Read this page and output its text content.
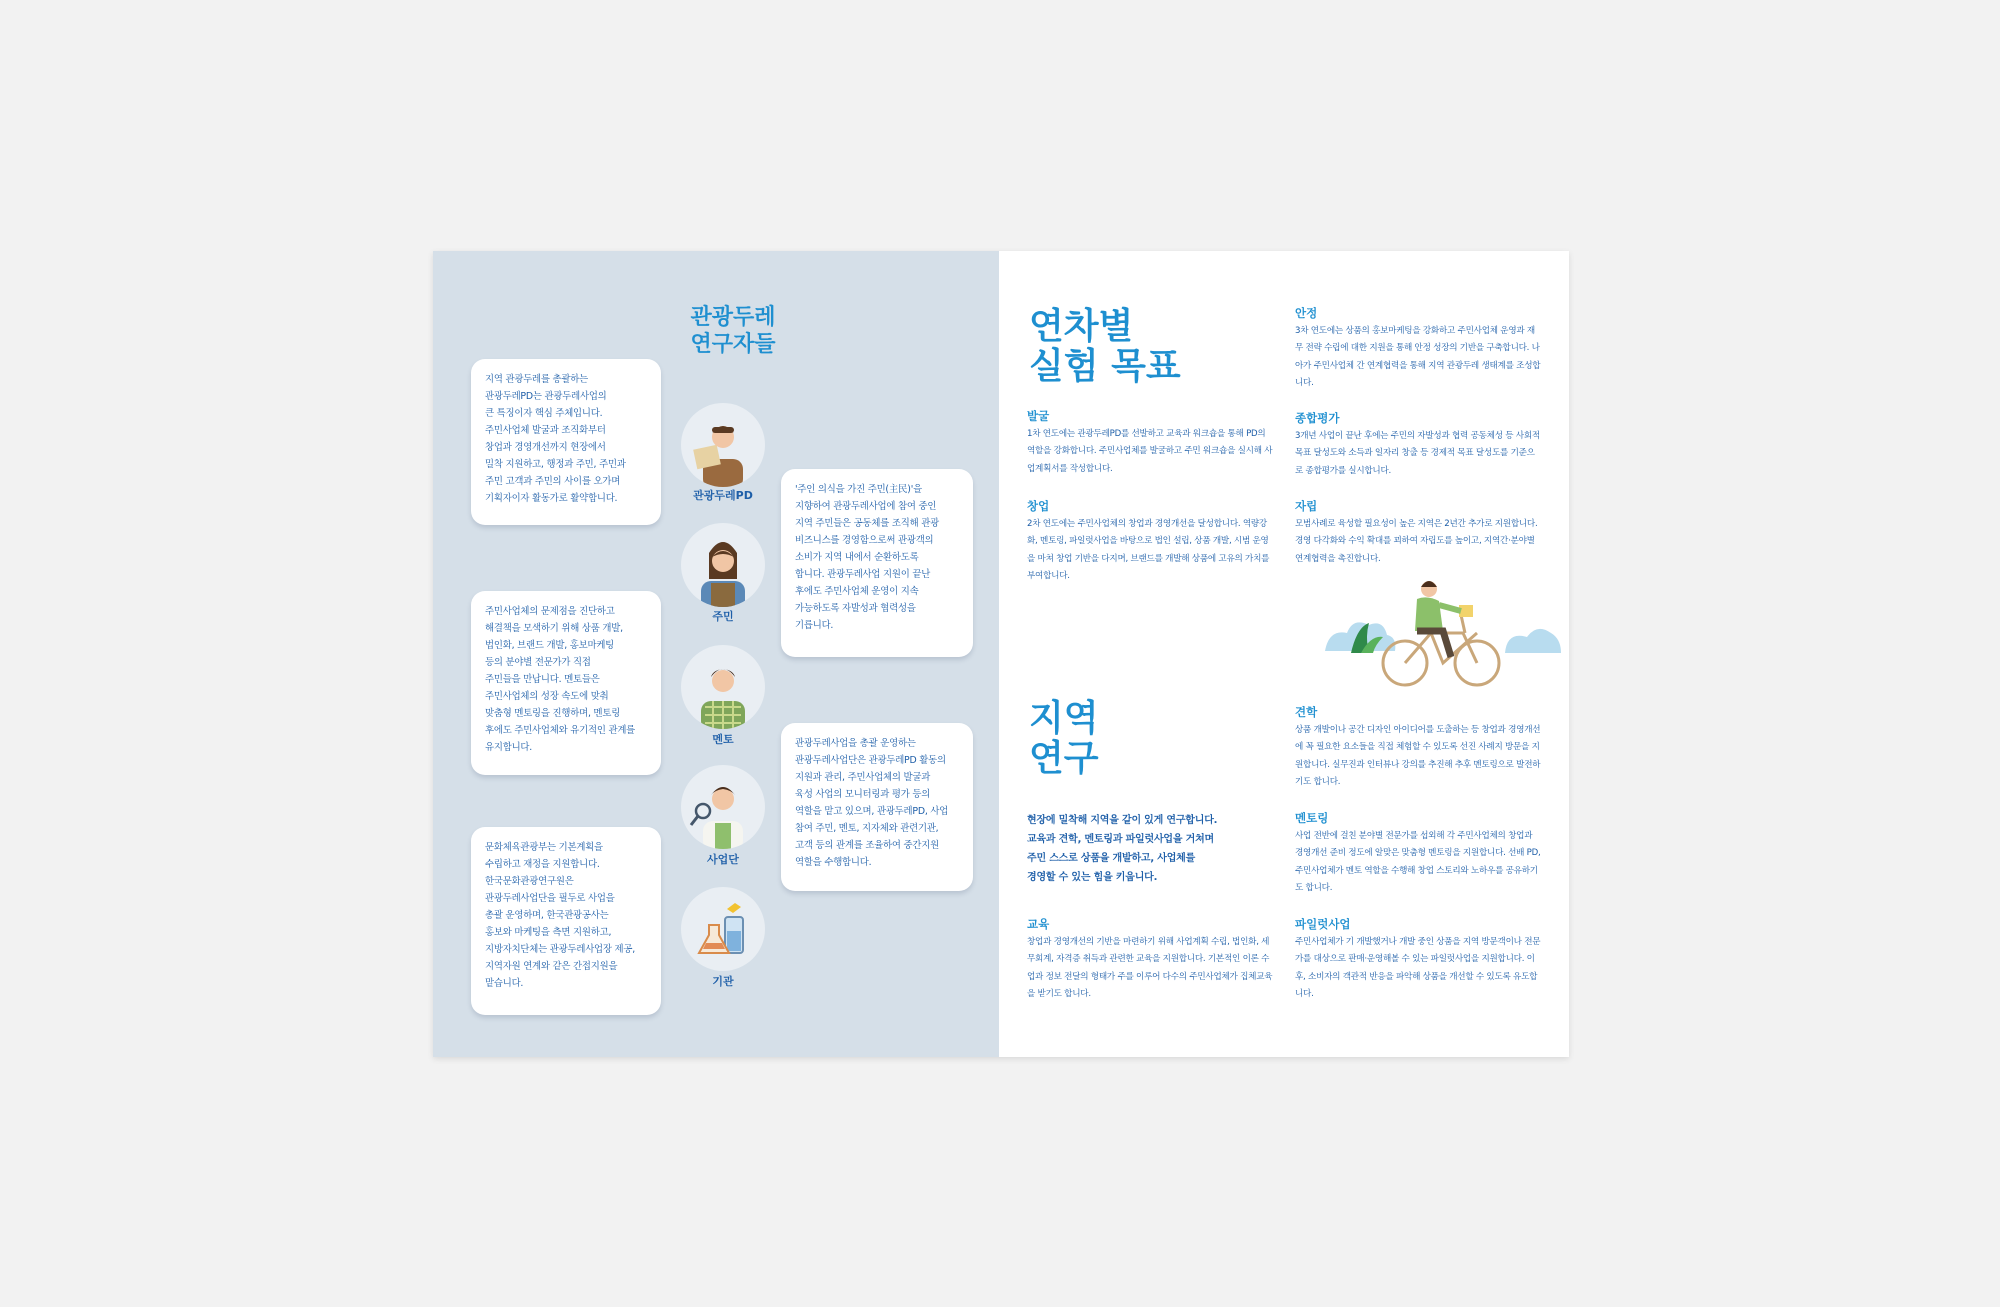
관광두레
연구자들

지역 관광두레를 총괄하는
관광두레PD는 관광두레사업의
큰 특징이자 핵심 주체입니다.
주민사업체 발굴과 조직화부터
창업과 경영개선까지 현장에서
밀착 지원하고, 행정과 주민, 주민과
주민 고객과 주민의 사이를 오가며
기획자이자 활동가로 활약합니다.

주민사업체의 문제점을 진단하고
해결책을 모색하기 위해 상품 개발,
법인화, 브랜드 개발, 홍보마케팅
등의 분야별 전문가가 직접
주민들을 만납니다. 멘토들은
주민사업체의 성장 속도에 맞춰
맞춤형 멘토링을 진행하며, 멘토링
후에도 주민사업체와 유기적인 관계를
유지합니다.

문화체육관광부는 기본계획을
수립하고 재정을 지원합니다.
한국문화관광연구원은
관광두레사업단을 필두로 사업을
총괄 운영하며, 한국관광공사는
홍보와 마케팅을 측면 지원하고,
지방자치단체는 관광두레사업장 제공,
지역자원 연계와 같은 간접지원을
맡습니다.

'주인 의식을 가진 주민(主民)'을
지향하여 관광두레사업에 참여 중인
지역 주민들은 공동체를 조직해 관광
비즈니스를 경영함으로써 관광객의
소비가 지역 내에서 순환하도록
합니다. 관광두레사업 지원이 끝난
후에도 주민사업체 운영이 지속
가능하도록 자발성과 협력성을
기릅니다.

관광두레사업을 총괄 운영하는
관광두레사업단은 관광두레PD 활동의
지원과 관리, 주민사업체의 발굴과
육성 사업의 모니터링과 평가 등의
역할을 맡고 있으며, 관광두레PD, 사업
참여 주민, 멘토, 지자체와 관련기관,
고객 등의 관계를 조율하여 중간지원
역할을 수행합니다.

관광두레PD
주민
멘토
사업단
기관
연차별
실험 목표
발굴

1차 연도에는 관광두레PD를 선발하고 교육과 워크숍을 통해 PD의 역할을 강화합니다. 주민사업체를 발굴하고 주민 워크숍을 실시해 사업계획서를 작성합니다.

창업

2차 연도에는 주민사업체의 창업과 경영개선을 달성합니다. 역량강화, 멘토링, 파일럿사업을 바탕으로 법인 설립, 상품 개발, 시범 운영을 마쳐 창업 기반을 다지며, 브랜드를 개발해 상품에 고유의 가치를 부여합니다.

안정

3차 연도에는 상품의 홍보마케팅을 강화하고 주민사업체 운영과 재무 전략 수립에 대한 지원을 통해 안정 성장의 기반을 구축합니다. 나아가 주민사업체 간 연계협력을 통해 지역 관광두레 생태계를 조성합니다.

종합평가

3개년 사업이 끝난 후에는 주민의 자발성과 협력 공동체성 등 사회적 목표 달성도와 소득과 일자리 창출 등 경제적 목표 달성도를 기준으로 종합평가를 실시합니다.

자립

모범사례로 육성할 필요성이 높은 지역은 2년간 추가로 지원합니다. 경영 다각화와 수익 확대를 꾀하여 자립도를 높이고, 지역간·분야별 연계협력을 촉진합니다.

지역
연구
현장에 밀착해 지역을 같이 있게 연구합니다.
교육과 견학, 멘토링과 파일럿사업을 거쳐며
주민 스스로 상품을 개발하고, 사업체를
경영할 수 있는 힘을 키웁니다.
교육

창업과 경영개선의 기반을 마련하기 위해 사업계획 수립, 법인화, 세무회계, 자격증 취득과 관련한 교육을 지원합니다. 기본적인 이론 수업과 정보 전달의 형태가 주를 이루어 다수의 주민사업체가 집체교육을 받기도 합니다.

견학

상품 개발이나 공간 디자인 아이디어를 도출하는 등 창업과 경영개선에 꼭 필요한 요소들을 직접 체험할 수 있도록 선진 사례지 방문을 지원합니다. 실무진과 인터뷰나 강의를 추진해 추후 멘토링으로 발전하기도 합니다.

멘토링

사업 전반에 걸친 분야별 전문가를 섭외해 각 주민사업체의 창업과 경영개선 준비 정도에 알맞은 맞춤형 멘토링을 지원합니다. 선배 PD, 주민사업체가 멘토 역할을 수행해 창업 스토리와 노하우를 공유하기도 합니다.

파일럿사업

주민사업체가 기 개발했거나 개발 중인 상품을 지역 방문객이나 전문가를 대상으로 판매·운영해볼 수 있는 파일럿사업을 지원합니다. 이후, 소비자의 객관적 반응을 파악해 상품을 개선할 수 있도록 유도합니다.
